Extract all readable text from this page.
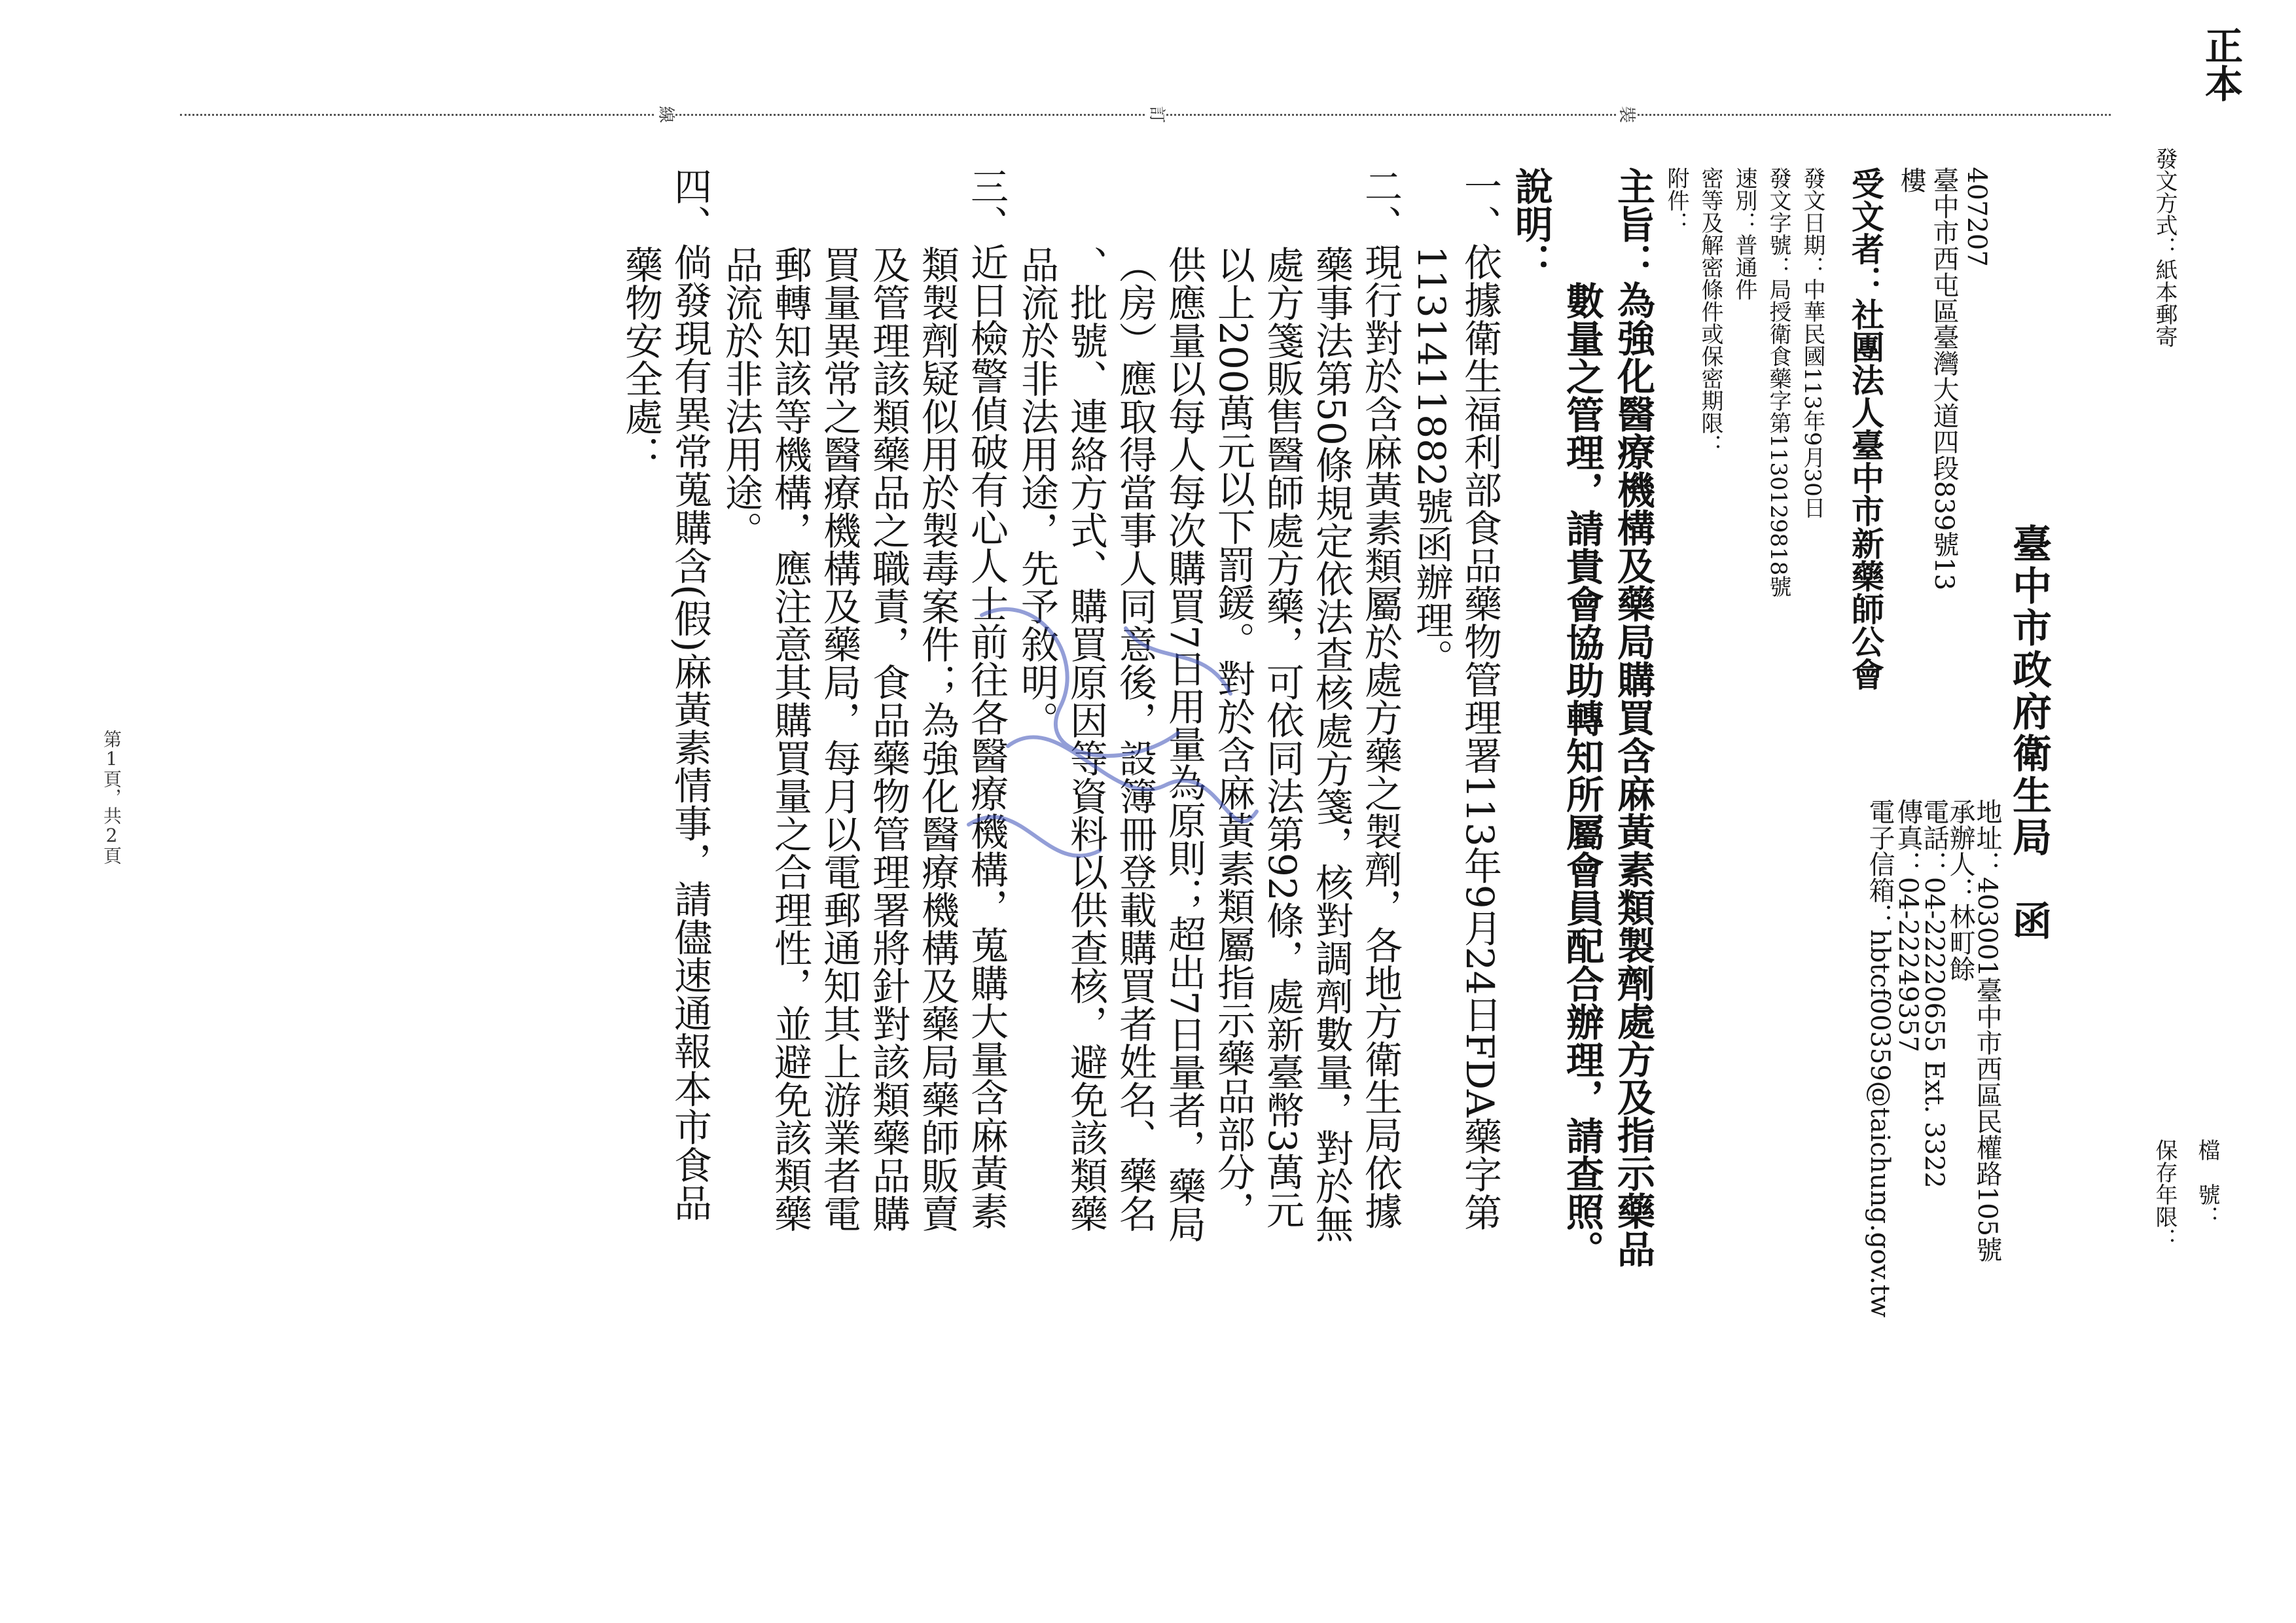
裝
訂
線
正本
發文方式：紙本郵寄
臺中市政府衛生局　函
檔　號：
保存年限：
地址：403001臺中市西區民權路105號
承辦人：林町餘
電話：04-22220655 Ext. 3322
傳真：04-22249357
電子信箱：hbtcf00359@taichung.gov.tw
407207
臺中市西屯區臺灣大道四段839號13
樓
受文者：社團法人臺中市新藥師公會
發文日期：中華民國113年9月30日
發文字號：局授衛食藥字第1130129818號
速別：普通件
密等及解密條件或保密期限：
附件：
主旨：為強化醫療機構及藥局購買含麻黃素類製劑處方及指示藥品
數量之管理，請貴會協助轉知所屬會員配合辦理，請查照。
說明：
一、依據衛生福利部食品藥物管理署113年9月24日FDA藥字第
1131411882號函辦理。
二、現行對於含麻黃素類屬於處方藥之製劑，各地方衛生局依據
藥事法第50條規定依法查核處方箋，核對調劑數量，對於無
處方箋販售醫師處方藥，可依同法第92條，處新臺幣3萬元
以上200萬元以下罰鍰。對於含麻黃素類屬指示藥品部分，
供應量以每人每次購買7日用量為原則；超出7日量者，藥局
（房）應取得當事人同意後，設簿冊登載購買者姓名、藥名
、批號、連絡方式、購買原因等資料以供查核，避免該類藥
品流於非法用途，先予敘明。
三、近日檢警偵破有心人士前往各醫療機構，蒐購大量含麻黃素
類製劑疑似用於製毒案件；為強化醫療機構及藥局藥師販賣
及管理該類藥品之職責，食品藥物管理署將針對該類藥品購
買量異常之醫療機構及藥局，每月以電郵通知其上游業者電
郵轉知該等機構，應注意其購買量之合理性，並避免該類藥
品流於非法用途。
四、倘發現有異常蒐購含(假)麻黃素情事，請儘速通報本市食品
藥物安全處：
第1頁，共2頁
